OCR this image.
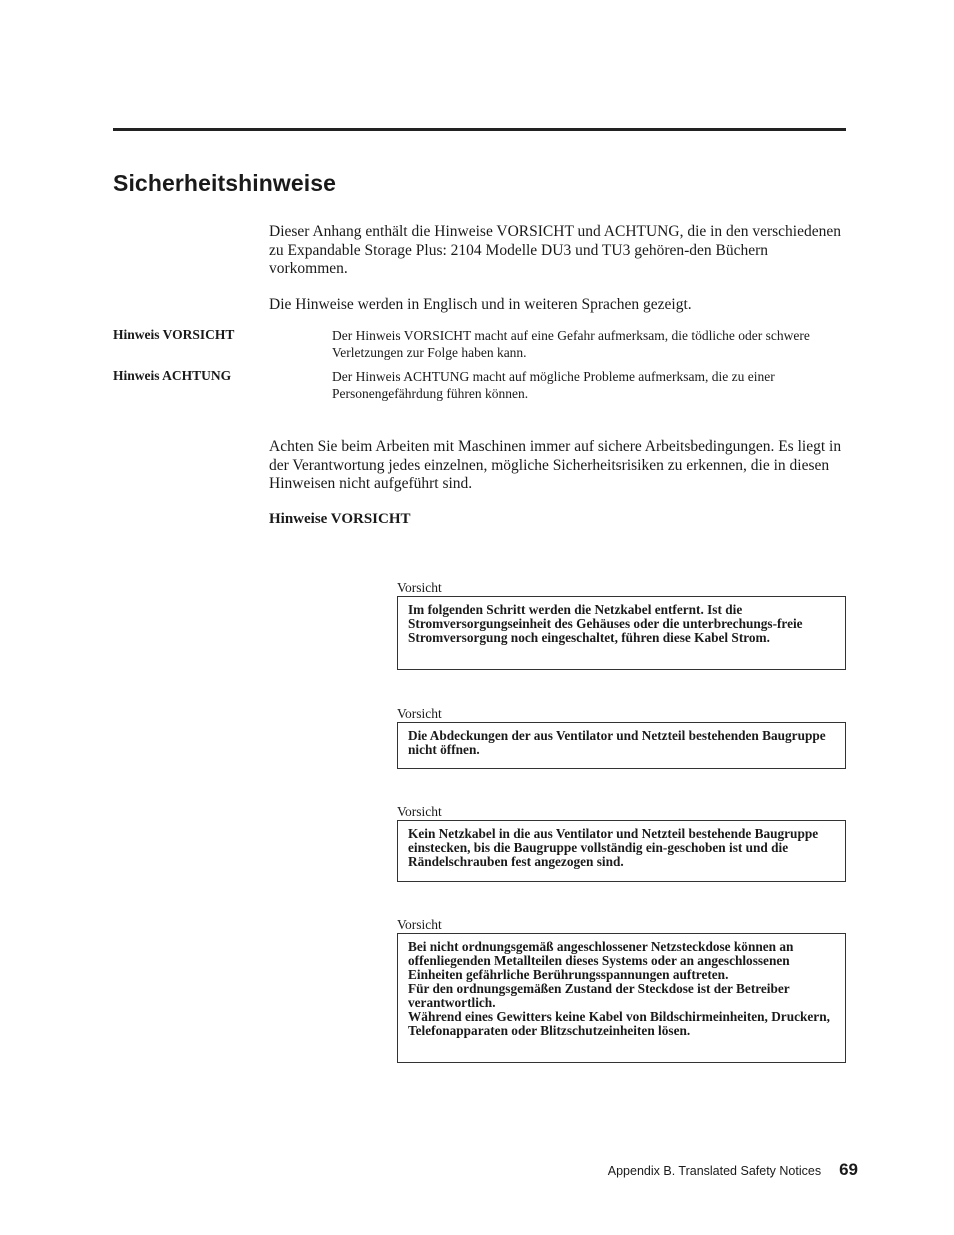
Sicherheitshinweise

Dieser Anhang enthält die Hinweise VORSICHT und ACHTUNG, die in den verschiedenen zu Expandable Storage Plus: 2104 Modelle DU3 und TU3 gehören-den Büchern vorkommen.

Die Hinweise werden in Englisch und in weiteren Sprachen gezeigt.

Hinweis VORSICHT	Der Hinweis VORSICHT macht auf eine Gefahr aufmerksam, die tödliche oder schwere Verletzungen zur Folge haben kann.
Hinweis ACHTUNG	Der Hinweis ACHTUNG macht auf mögliche Probleme aufmerksam, die zu einer Personengefährdung führen können.

Achten Sie beim Arbeiten mit Maschinen immer auf sichere Arbeitsbedingungen. Es liegt in der Verantwortung jedes einzelnen, mögliche Sicherheitsrisiken zu erkennen, die in diesen Hinweisen nicht aufgeführt sind.

Hinweise VORSICHT
Vorsicht
Im folgenden Schritt werden die Netzkabel entfernt. Ist die Stromversorgungseinheit des Gehäuses oder die unterbrechungs-freie Stromversorgung noch eingeschaltet, führen diese Kabel Strom.
Vorsicht
Die Abdeckungen der aus Ventilator und Netzteil bestehenden Baugruppe nicht öffnen.
Vorsicht
Kein Netzkabel in die aus Ventilator und Netzteil bestehende Baugruppe einstecken, bis die Baugruppe vollständig ein-geschoben ist und die Rändelschrauben fest angezogen sind.
Vorsicht
Bei nicht ordnungsgemäß angeschlossener Netzsteckdose können an offenliegenden Metallteilen dieses Systems oder an angeschlossenen Einheiten gefährliche Berührungsspannungen auftreten.
Für den ordnungsgemäßen Zustand der Steckdose ist der Betreiber verantwortlich.
Während eines Gewitters keine Kabel von Bildschirmeinheiten, Druckern, Telefonapparaten oder Blitzschutzeinheiten lösen.
Appendix B. Translated Safety Notices 69
